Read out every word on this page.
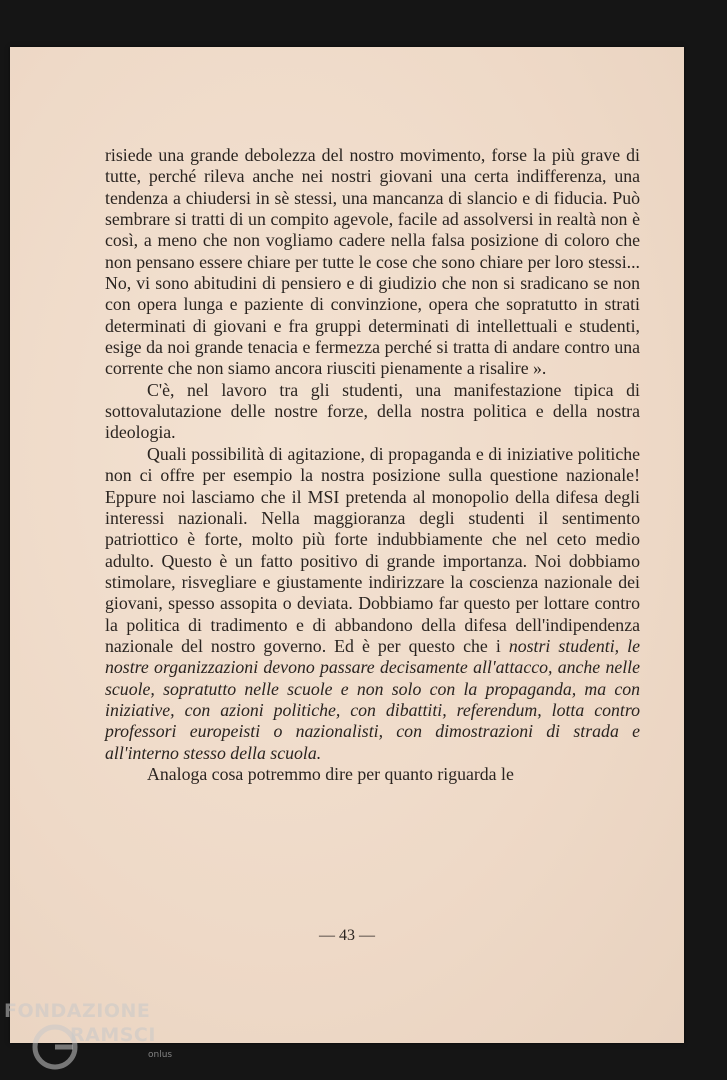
risiede una grande debolezza del nostro movimento, forse la più grave di tutte, perché rileva anche nei nostri giovani una certa indifferenza, una tendenza a chiudersi in sè stessi, una mancanza di slancio e di fiducia. Può sembrare si tratti di un compito agevole, facile ad assolversi in realtà non è così, a meno che non vogliamo cadere nella falsa posizione di coloro che non pensano essere chiare per tutte le cose che sono chiare per loro stessi... No, vi sono abitudini di pensiero e di giudizio che non si sradicano se non con opera lunga e paziente di convinzione, opera che sopratutto in strati determinati di giovani e fra gruppi determinati di intellettuali e studenti, esige da noi grande tenacia e fermezza perché si tratta di andare contro una corrente che non siamo ancora riusciti pienamente a risalire ».

C'è, nel lavoro tra gli studenti, una manifestazione tipica di sottovalutazione delle nostre forze, della nostra politica e della nostra ideologia.

Quali possibilità di agitazione, di propaganda e di iniziative politiche non ci offre per esempio la nostra posizione sulla questione nazionale! Eppure noi lasciamo che il MSI pretenda al monopolio della difesa degli interessi nazionali. Nella maggioranza degli studenti il sentimento patriottico è forte, molto più forte indubbiamente che nel ceto medio adulto. Questo è un fatto positivo di grande importanza. Noi dobbiamo stimolare, risvegliare e giustamente indirizzare la coscienza nazionale dei giovani, spesso assopita o deviata. Dobbiamo far questo per lottare contro la politica di tradimento e di abbandono della difesa dell'indipendenza nazionale del nostro governo. Ed è per questo che i nostri studenti, le nostre organizzazioni devono passare decisamente all'attacco, anche nelle scuole, sopratutto nelle scuole e non solo con la propaganda, ma con iniziative, con azioni politiche, con dibattiti, referendum, lotta contro professori europeisti o nazionalisti, con dimostrazioni di strada e all'interno stesso della scuola.

Analoga cosa potremmo dire per quanto riguarda le

— 43 —
FONDAZIONE
RAMSCI
onlus
